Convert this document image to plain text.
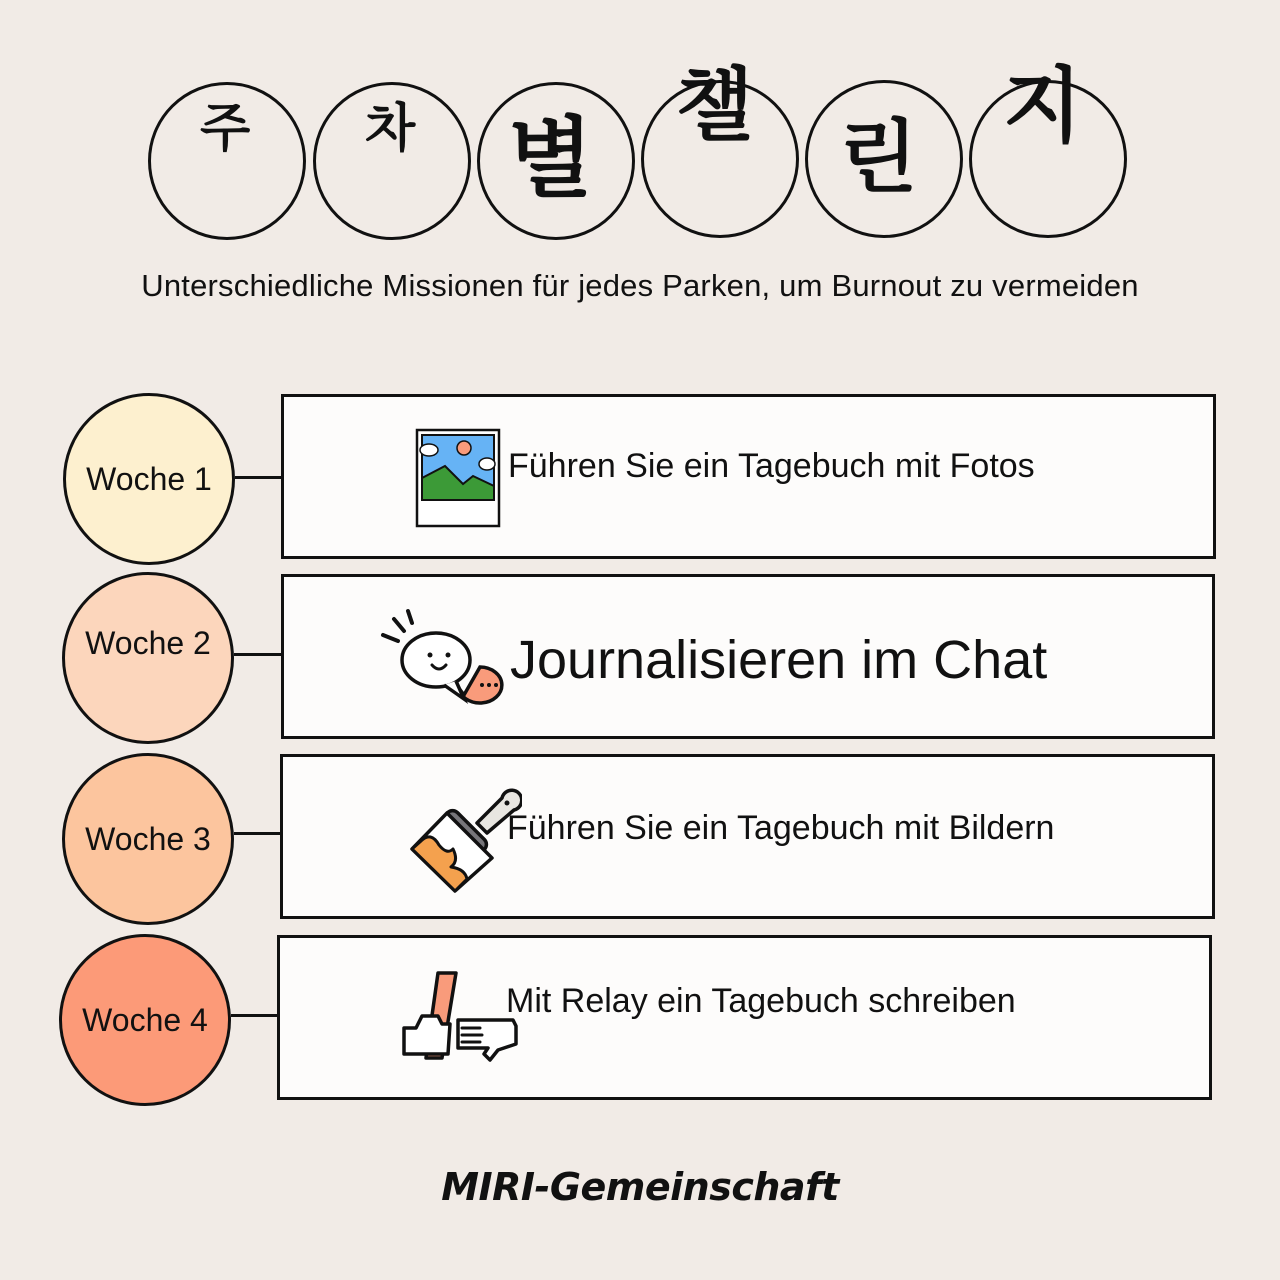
주 차 별
챌
린
지
Unterschiedliche Missionen für jedes Parken, um Burnout zu vermeiden
Woche 1	Führen Sie ein Tagebuch mit Fotos
Woche 2	Journalisieren im Chat
Woche 3	Führen Sie ein Tagebuch mit Bildern
Woche 4	Mit Relay ein Tagebuch schreiben
MIRI-Gemeinschaft
